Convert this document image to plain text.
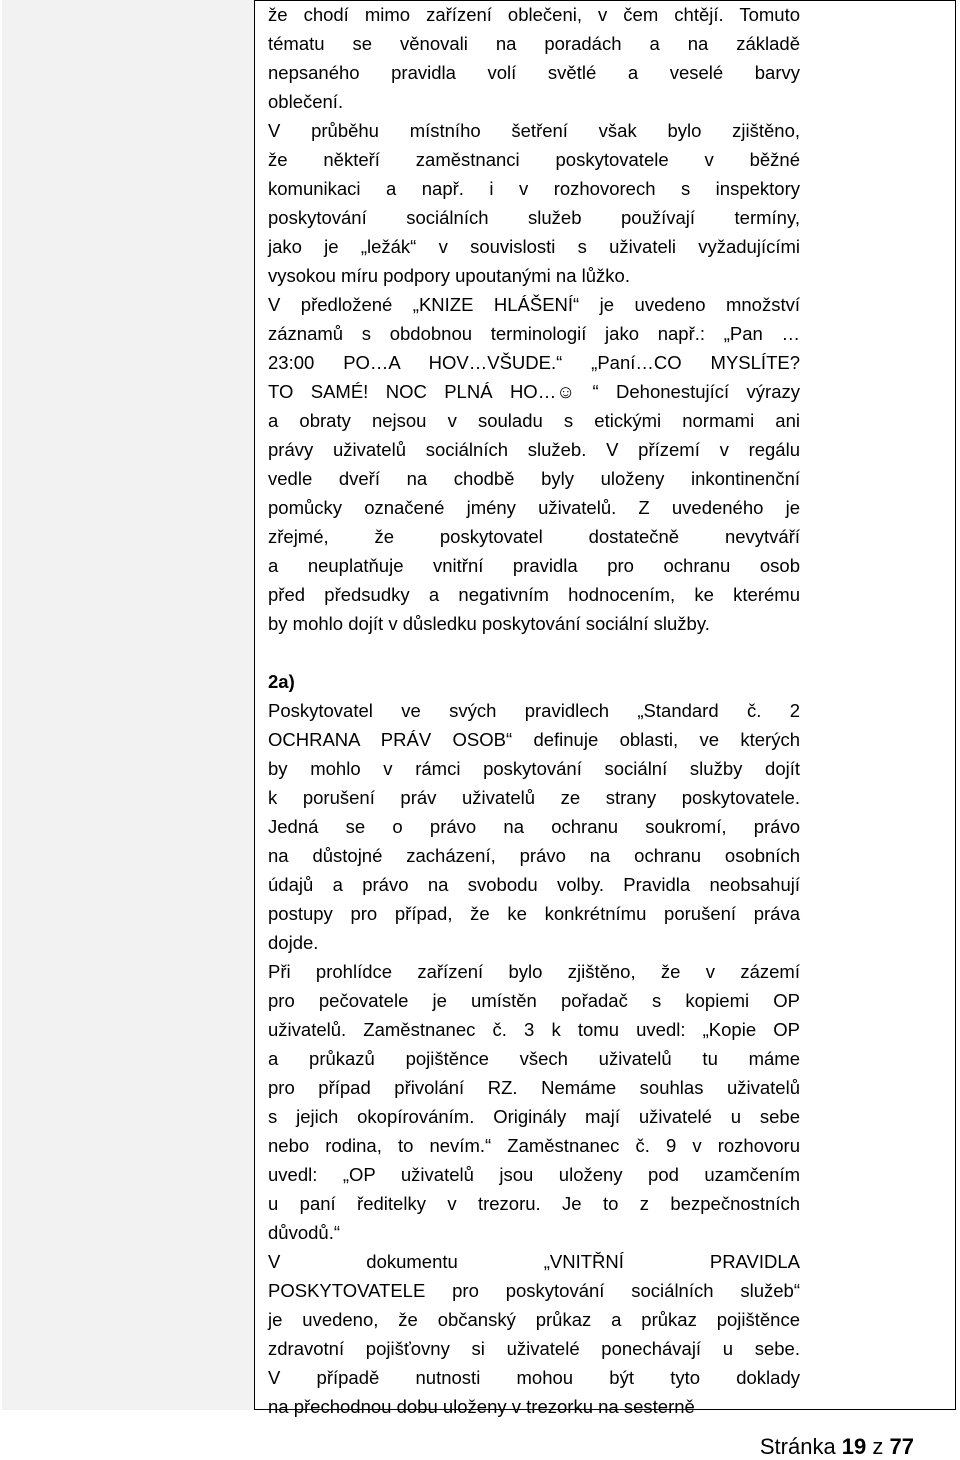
že chodí mimo zařízení oblečeni, v čem chtějí. Tomuto
tématu se věnovali na poradách a na základě
nepsaného pravidla volí světlé a veselé barvy
oblečení.
V průběhu místního šetření však bylo zjištěno,
že někteří zaměstnanci poskytovatele v běžné
komunikaci a např. i v rozhovorech s inspektory
poskytování sociálních služeb používají termíny,
jako je „ležák“ v souvislosti s uživateli vyžadujícími
vysokou míru podpory upoutanými na lůžko.
V předložené „KNIZE HLÁŠENÍ“ je uvedeno množství
záznamů s obdobnou terminologií jako např.: „Pan …
23:00 PO…A HOV…VŠUDE.“ „Paní…CO MYSLÍTE?
TO SAMÉ! NOC PLNÁ HO…☺ “ Dehonestující výrazy
a obraty nejsou v souladu s etickými normami ani
právy uživatelů sociálních služeb. V přízemí v regálu
vedle dveří na chodbě byly uloženy inkontinenční
pomůcky označené jmény uživatelů. Z uvedeného je
zřejmé, že poskytovatel dostatečně nevytváří
a neuplatňuje vnitřní pravidla pro ochranu osob
před předsudky a negativním hodnocením, ke kterému
by mohlo dojít v důsledku poskytování sociální služby.
2a)
Poskytovatel ve svých pravidlech „Standard č. 2
OCHRANA PRÁV OSOB“ definuje oblasti, ve kterých
by mohlo v rámci poskytování sociální služby dojít
k porušení práv uživatelů ze strany poskytovatele.
Jedná se o právo na ochranu soukromí, právo
na důstojné zacházení, právo na ochranu osobních
údajů a právo na svobodu volby. Pravidla neobsahují
postupy pro případ, že ke konkrétnímu porušení práva
dojde.
Při prohlídce zařízení bylo zjištěno, že v zázemí
pro pečovatele je umístěn pořadač s kopiemi OP
uživatelů. Zaměstnanec č. 3 k tomu uvedl: „Kopie OP
a průkazů pojištěnce všech uživatelů tu máme
pro případ přivolání RZ. Nemáme souhlas uživatelů
s jejich okopírováním. Originály mají uživatelé u sebe
nebo rodina, to nevím.“ Zaměstnanec č. 9 v rozhovoru
uvedl: „OP uživatelů jsou uloženy pod uzamčením
u paní ředitelky v trezoru. Je to z bezpečnostních
důvodů.“
V dokumentu „VNITŘNÍ PRAVIDLA
POSKYTOVATELE pro poskytování sociálních služeb“
je uvedeno, že občanský průkaz a průkaz pojištěnce
zdravotní pojišťovny si uživatelé ponechávají u sebe.
V případě nutnosti mohou být tyto doklady
na přechodnou dobu uloženy v trezorku na sesterně
Stránka 19 z 77
